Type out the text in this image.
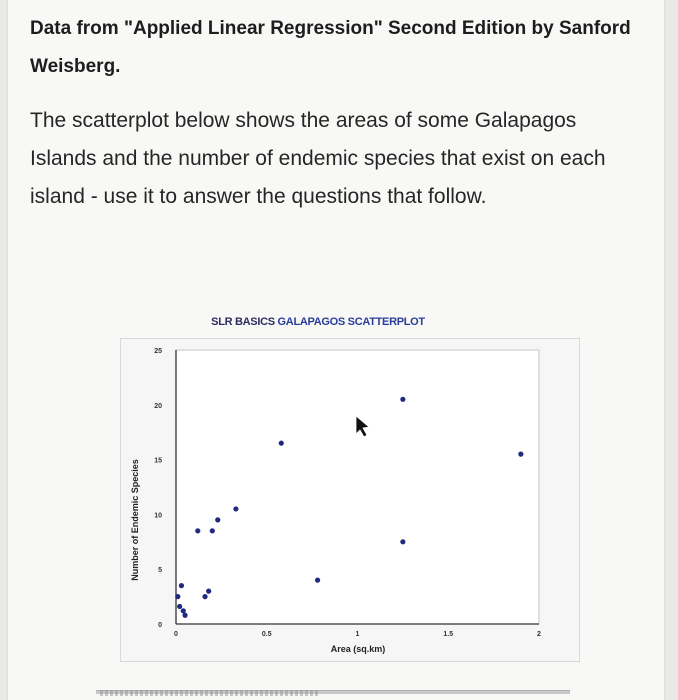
Data from "Applied Linear Regression" Second Edition by Sanford Weisberg.
The scatterplot below shows the areas of some Galapagos Islands and the number of endemic species that exist on each island - use it to answer the questions that follow.
SLR BASICS GALAPAGOS SCATTERPLOT
0
5
10
15
20
25
0	0.5	1	1.5	2
Area (sq.km)
Number of Endemic Species
